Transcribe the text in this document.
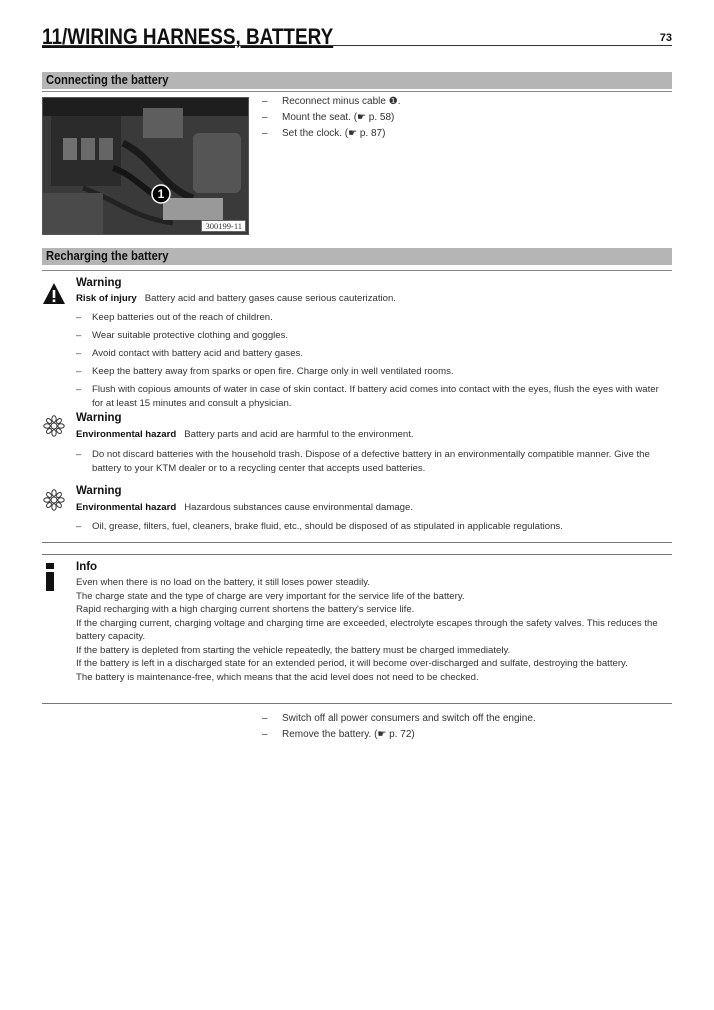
11/WIRING HARNESS, BATTERY	73
Connecting the battery
1
300199-11
– Reconnect minus cable ❶.
– Mount the seat. (☛ p. 58)
– Set the clock. (☛ p. 87)
Recharging the battery
Warning
Risk of injury Battery acid and battery gases cause serious cauterization.
– Keep batteries out of the reach of children.
– Wear suitable protective clothing and goggles.
– Avoid contact with battery acid and battery gases.
– Keep the battery away from sparks or open fire. Charge only in well ventilated rooms.
– Flush with copious amounts of water in case of skin contact. If battery acid comes into contact with the eyes, flush the eyes with water for at least 15 minutes and consult a physician.
Warning
Environmental hazard Battery parts and acid are harmful to the environment.
– Do not discard batteries with the household trash. Dispose of a defective battery in an environmentally compatible manner. Give the battery to your KTM dealer or to a recycling center that accepts used batteries.
Warning
Environmental hazard Hazardous substances cause environmental damage.
– Oil, grease, filters, fuel, cleaners, brake fluid, etc., should be disposed of as stipulated in applicable regulations.
Info

Even when there is no load on the battery, it still loses power steadily.

The charge state and the type of charge are very important for the service life of the battery.

Rapid recharging with a high charging current shortens the battery's service life.

If the charging current, charging voltage and charging time are exceeded, electrolyte escapes through the safety valves. This reduces the battery capacity.

If the battery is depleted from starting the vehicle repeatedly, the battery must be charged immediately.

If the battery is left in a discharged state for an extended period, it will become over-discharged and sulfate, destroying the battery.

The battery is maintenance-free, which means that the acid level does not need to be checked.

– Switch off all power consumers and switch off the engine.
– Remove the battery. (☛ p. 72)
